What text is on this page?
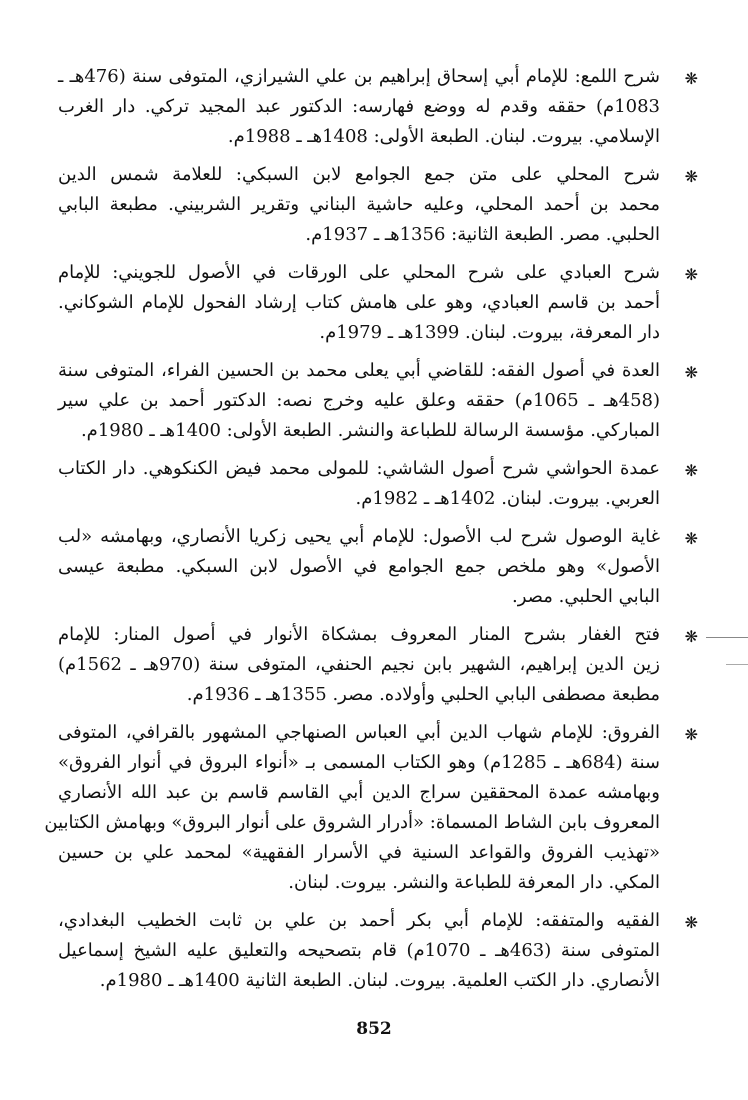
❋
شرح اللمع: للإمام أبي إسحاق إبراهيم بن علي الشيرازي، المتوفى سنة (476هـ ـ
1083م) حققه وقدم له ووضع فهارسه: الدكتور عبد المجيد تركي. دار الغرب
الإسلامي. بيروت. لبنان. الطبعة الأولى: 1408هـ ـ 1988م.
❋
شرح المحلي على متن جمع الجوامع لابن السبكي: للعلامة شمس الدين
محمد بن أحمد المحلي، وعليه حاشية البناني وتقرير الشربيني. مطبعة البابي
الحلبي. مصر. الطبعة الثانية: 1356هـ ـ 1937م.
❋
شرح العبادي على شرح المحلي على الورقات في الأصول للجويني: للإمام
أحمد بن قاسم العبادي، وهو على هامش كتاب إرشاد الفحول للإمام الشوكاني.
دار المعرفة، بيروت. لبنان. 1399هـ ـ 1979م.
❋
العدة في أصول الفقه: للقاضي أبي يعلى محمد بن الحسين الفراء، المتوفى سنة
(458هـ ـ 1065م) حققه وعلق عليه وخرج نصه: الدكتور أحمد بن علي سير
المباركي. مؤسسة الرسالة للطباعة والنشر. الطبعة الأولى: 1400هـ ـ 1980م.
❋
عمدة الحواشي شرح أصول الشاشي: للمولى محمد فيض الكنكوهي. دار الكتاب
العربي. بيروت. لبنان. 1402هـ ـ 1982م.
❋
غاية الوصول شرح لب الأصول: للإمام أبي يحيى زكريا الأنصاري، وبهامشه «لب
الأصول» وهو ملخص جمع الجوامع في الأصول لابن السبكي. مطبعة عيسى
البابي الحلبي. مصر.
❋
فتح الغفار بشرح المنار المعروف بمشكاة الأنوار في أصول المنار: للإمام
زين الدين إبراهيم، الشهير بابن نجيم الحنفي، المتوفى سنة (970هـ ـ 1562م)
مطبعة مصطفى البابي الحلبي وأولاده. مصر. 1355هـ ـ 1936م.
❋
الفروق: للإمام شهاب الدين أبي العباس الصنهاجي المشهور بالقرافي، المتوفى
سنة (684هـ ـ 1285م) وهو الكتاب المسمى بـ «أنواء البروق في أنوار الفروق»
وبهامشه عمدة المحققين سراج الدين أبي القاسم قاسم بن عبد الله الأنصاري
المعروف بابن الشاط المسماة: «أدرار الشروق على أنوار البروق» وبهامش الكتابين
«تهذيب الفروق والقواعد السنية في الأسرار الفقهية» لمحمد علي بن حسين
المكي. دار المعرفة للطباعة والنشر. بيروت. لبنان.
❋
الفقيه والمتفقه: للإمام أبي بكر أحمد بن علي بن ثابت الخطيب البغدادي،
المتوفى سنة (463هـ ـ 1070م) قام بتصحيحه والتعليق عليه الشيخ إسماعيل
الأنصاري. دار الكتب العلمية. بيروت. لبنان. الطبعة الثانية 1400هـ ـ 1980م.
852
